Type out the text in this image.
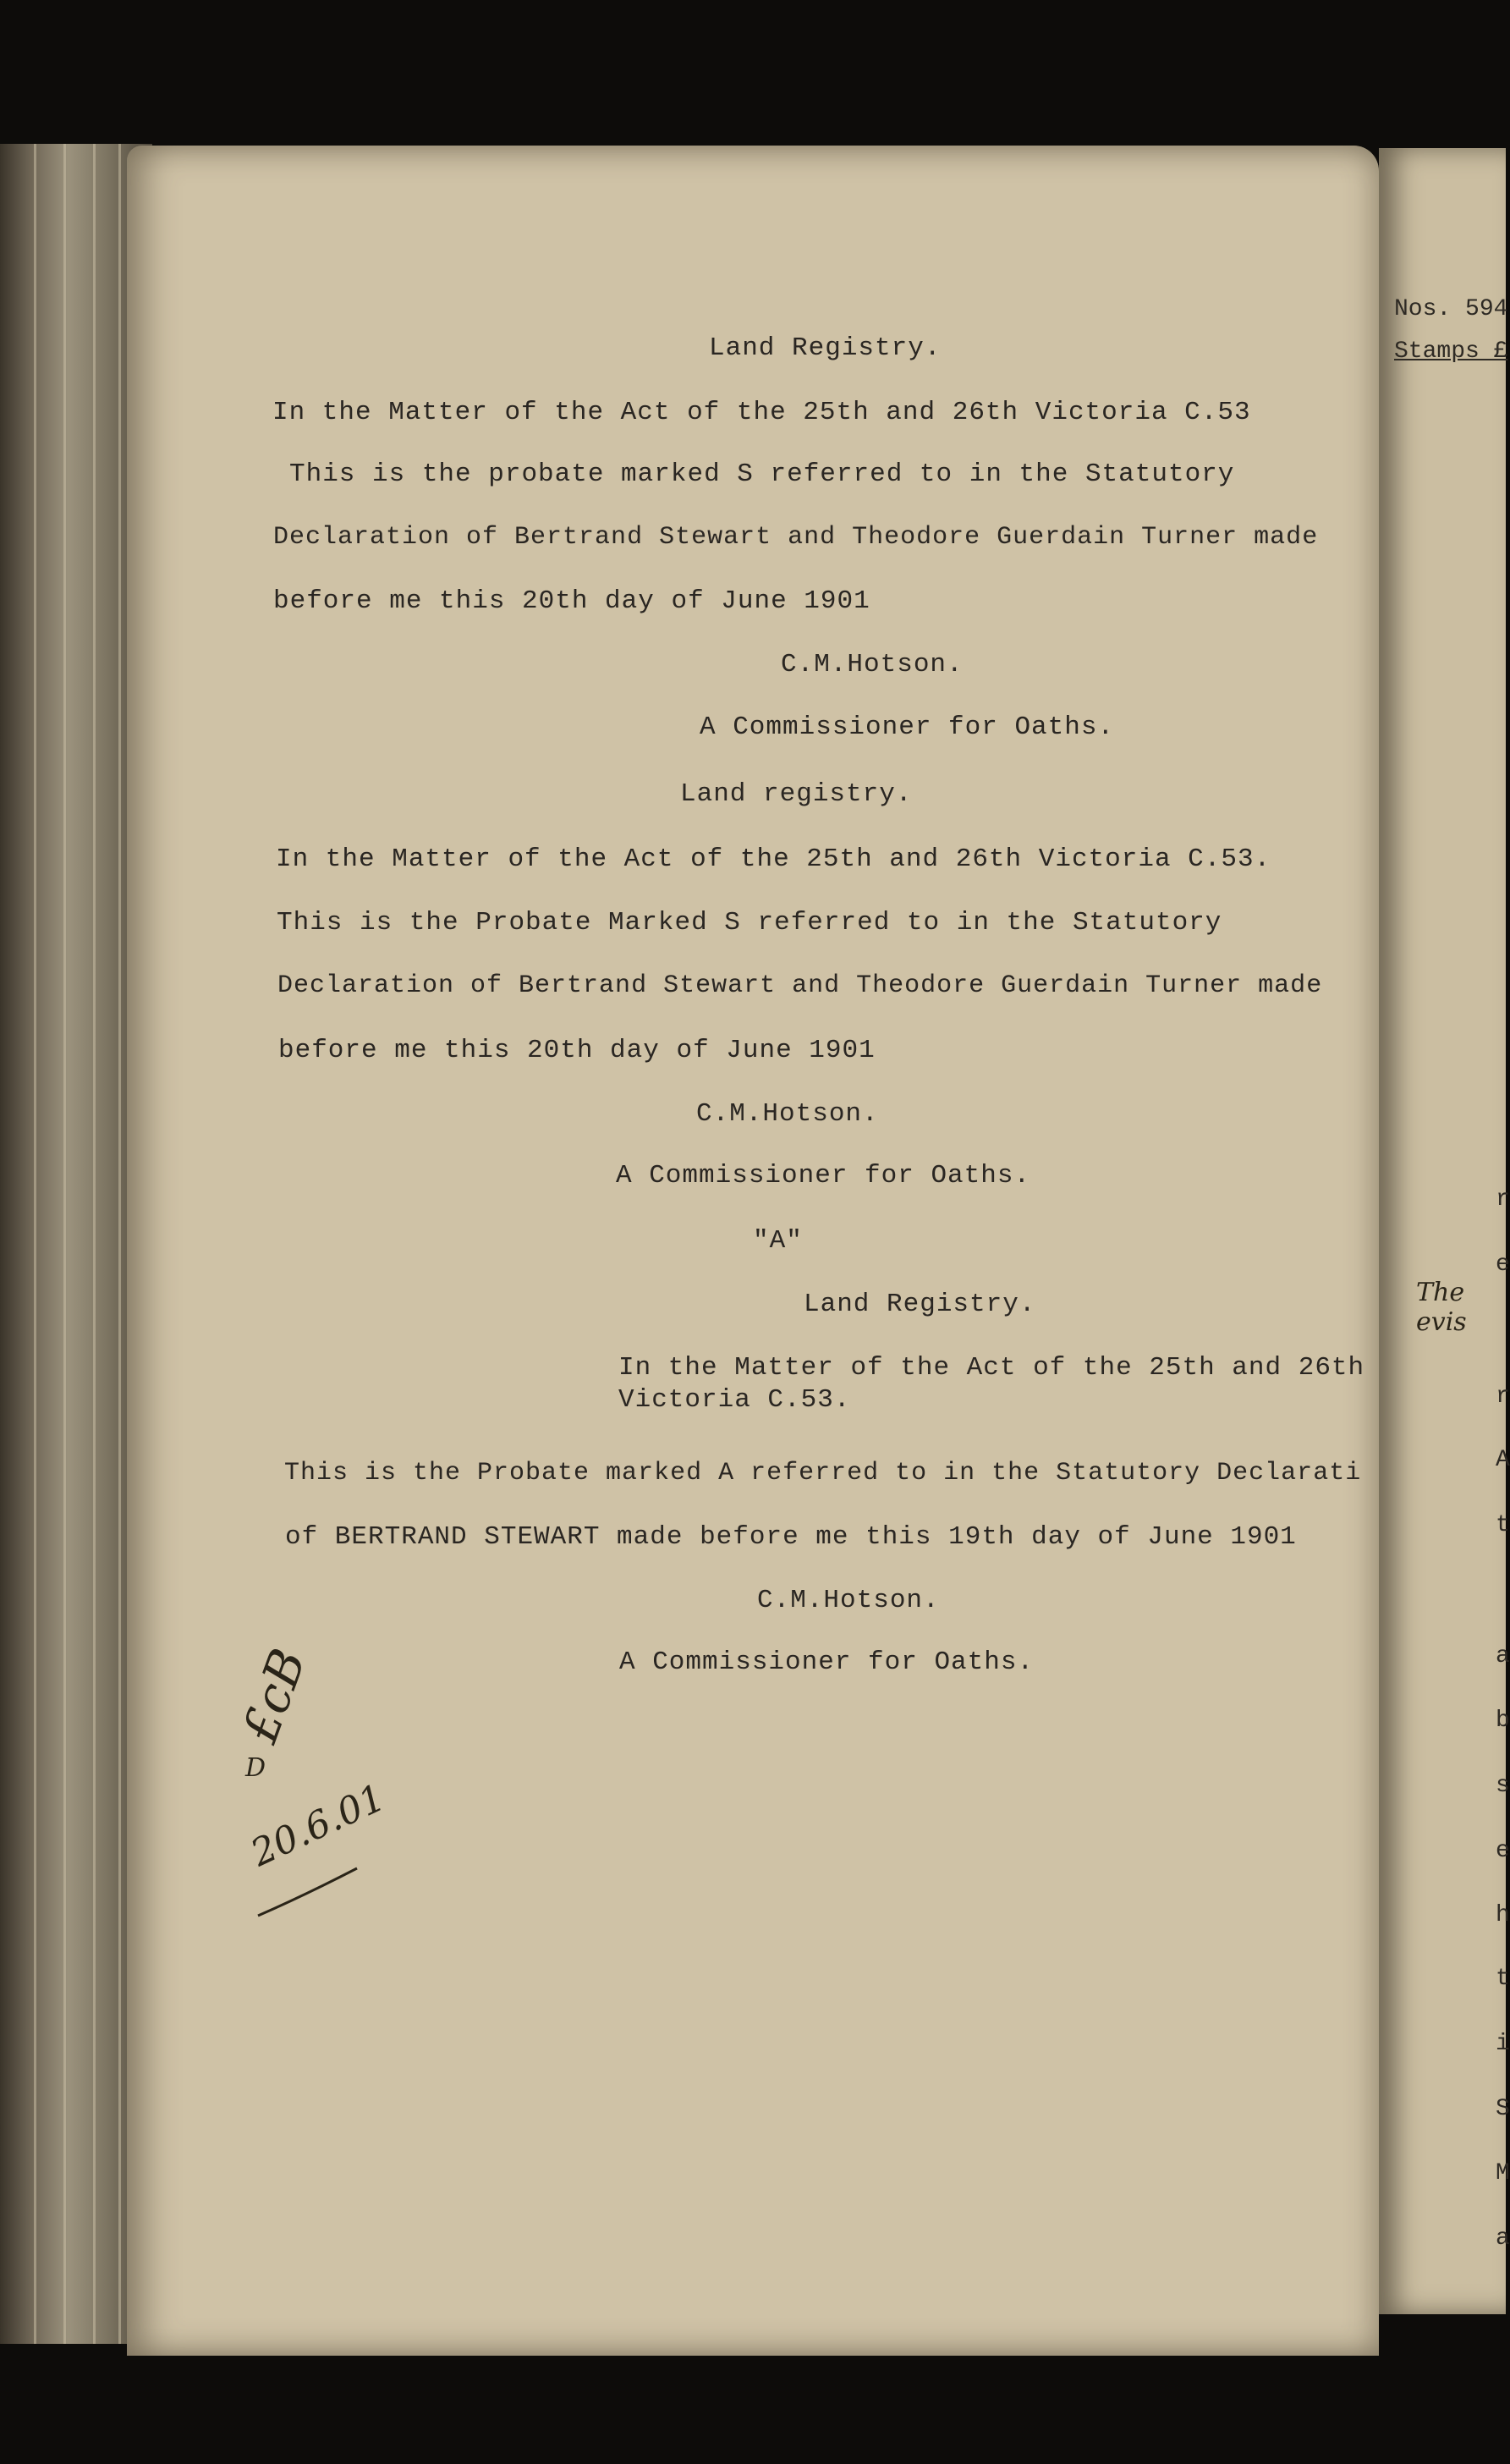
Land Registry.
In the Matter of the Act of the 25th and 26th Victoria C.53
This is the probate marked S referred to in the Statutory
Declaration of Bertrand Stewart and Theodore Guerdain Turner made
before me this 20th day of June 1901
C.M.Hotson.
A Commissioner for Oaths.
Land registry.
In the Matter of the Act of the 25th and 26th Victoria C.53.
This is the Probate Marked S referred to in the Statutory
Declaration of Bertrand Stewart and Theodore Guerdain Turner made
before me this 20th day of June 1901
C.M.Hotson.
A Commissioner for Oaths.
"A"
Land Registry.
In the Matter of the Act of the 25th and 26th
Victoria C.53.
This is the Probate marked A referred to in the Statutory Declarati
of BERTRAND STEWART made before me this 19th day of June 1901
C.M.Hotson.
A Commissioner for Oaths.
£cB
D
20.6.01
Nos. 594
Stamps £
The evis
r
e
r
A
t
a
b
s
e
h
t
i
S
M
a
